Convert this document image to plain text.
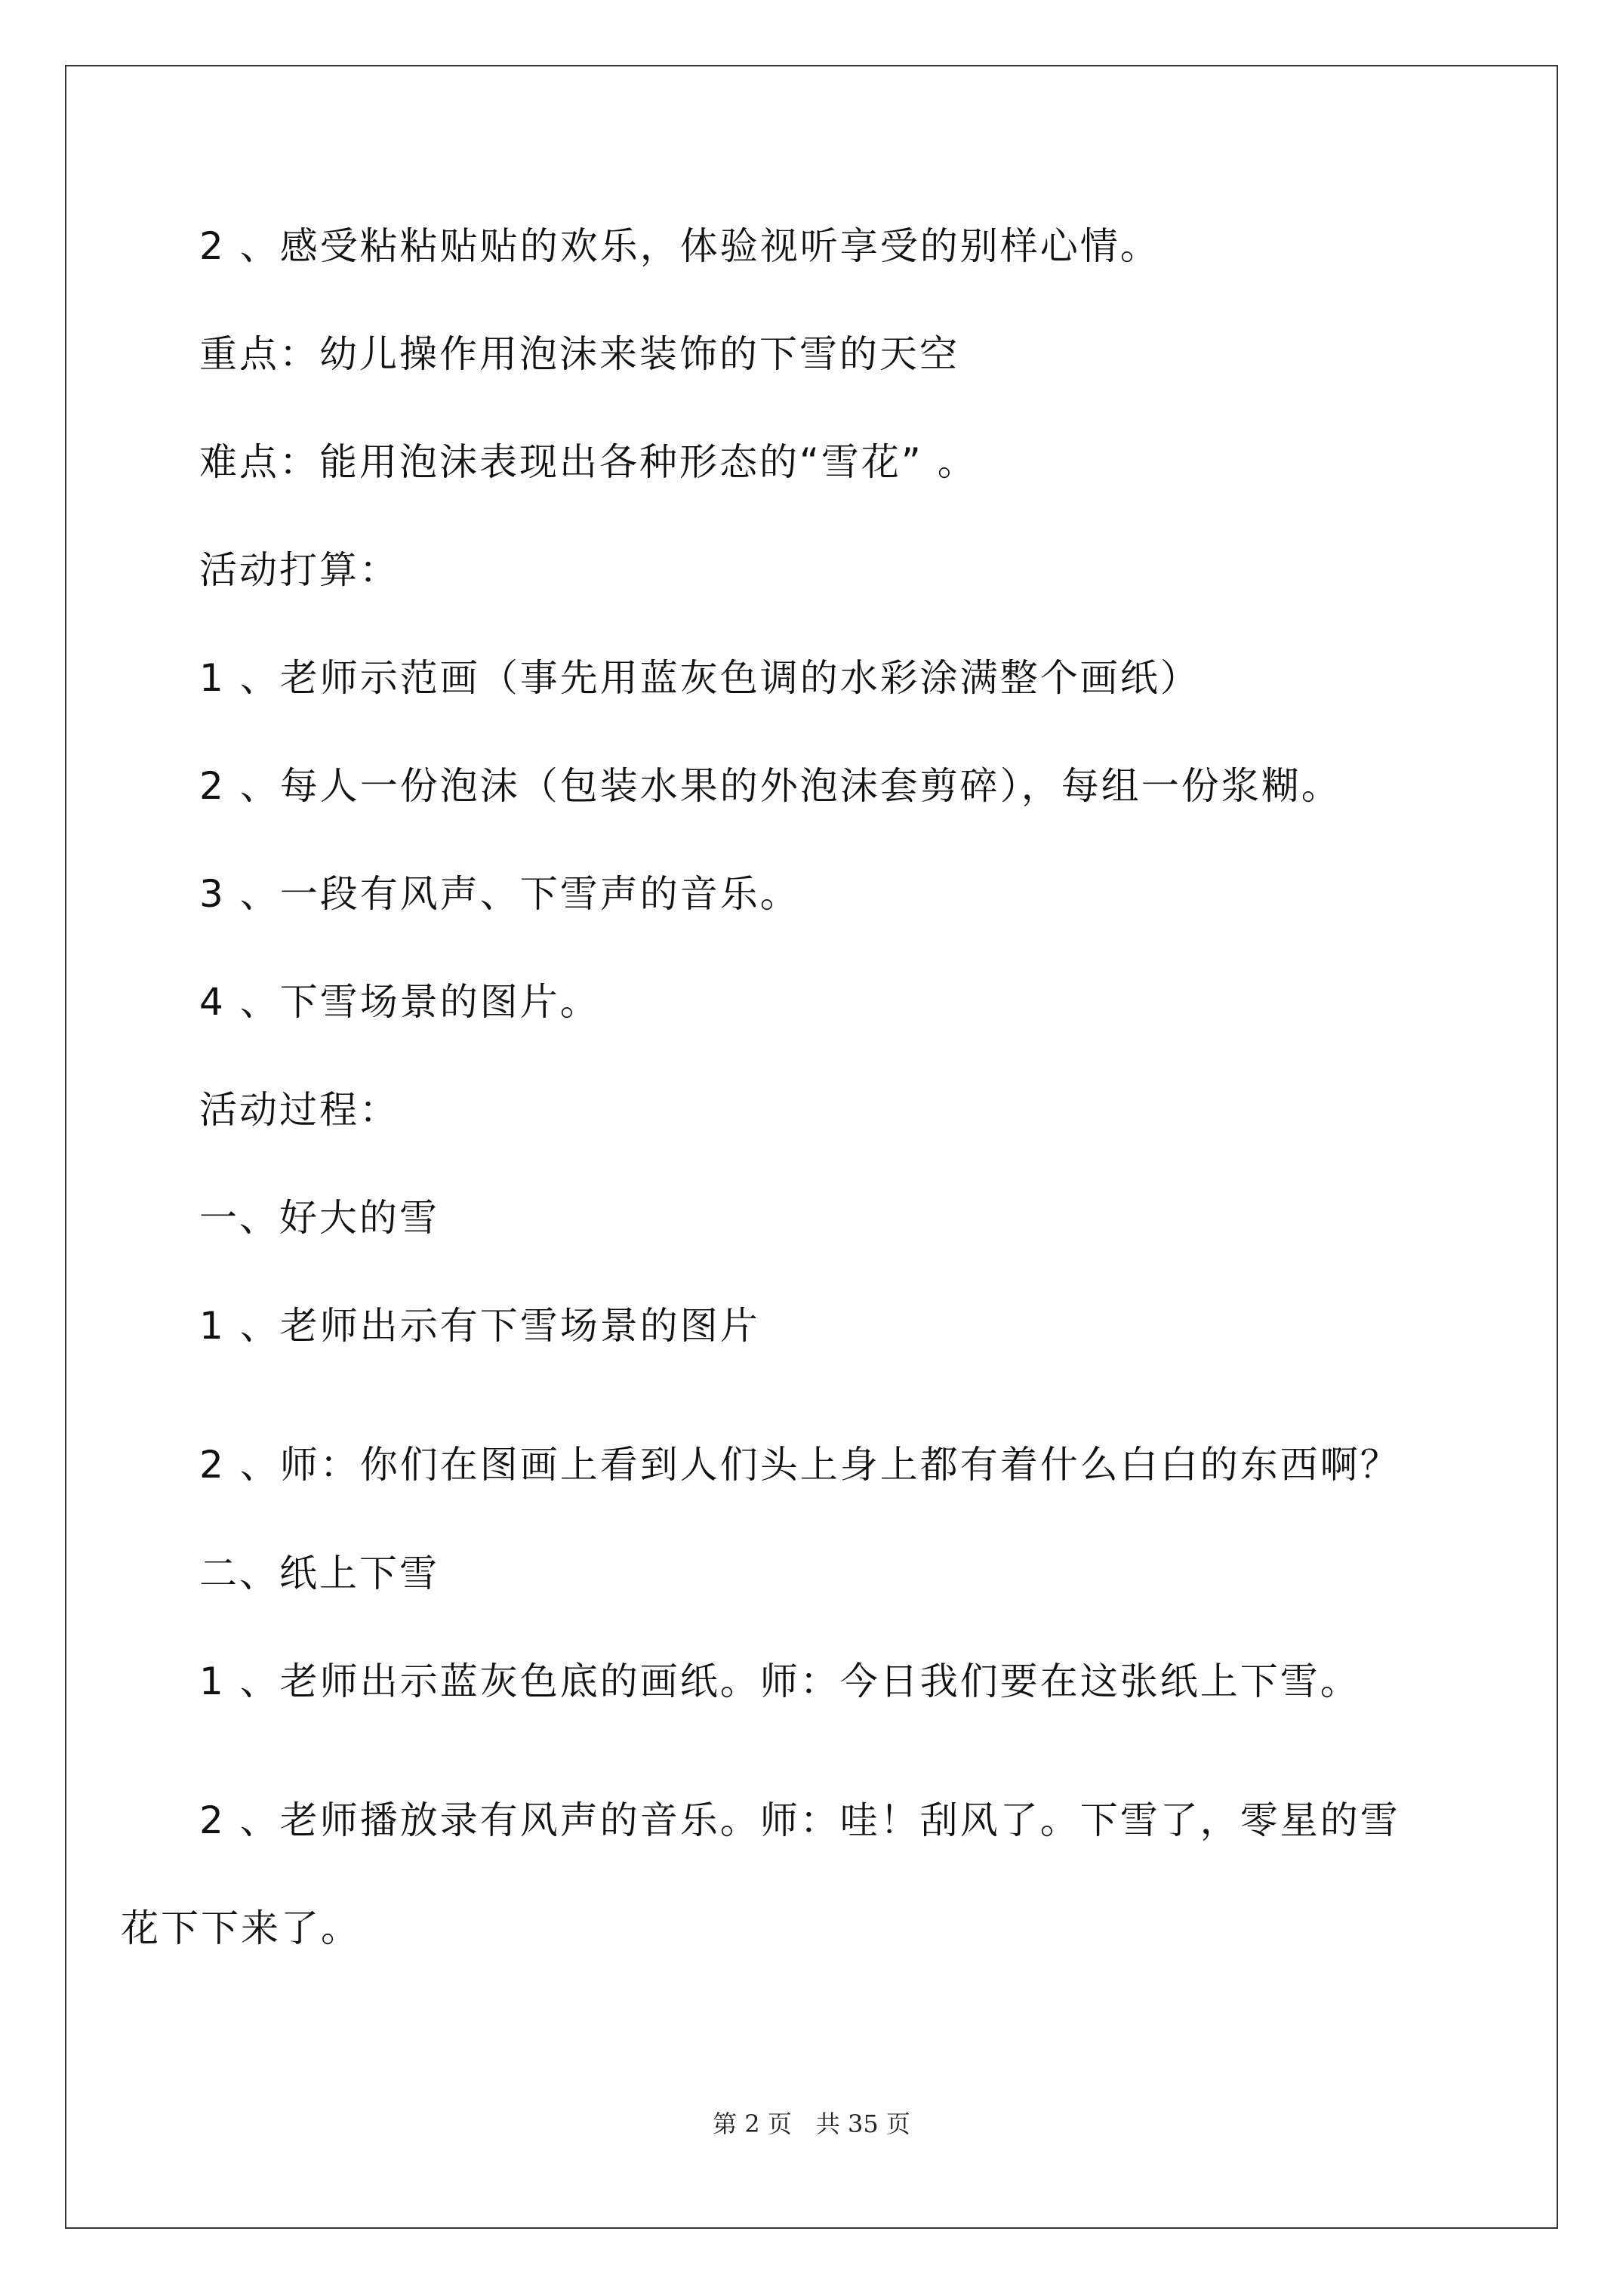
2 、感受粘粘贴贴的欢乐，体验视听享受的别样心情。

重点：幼儿操作用泡沫来装饰的下雪的天空

难点：能用泡沫表现出各种形态的“雪花” 。

活动打算：

1 、老师示范画（事先用蓝灰色调的水彩涂满整个画纸）

2 、每人一份泡沫（包装水果的外泡沫套剪碎），每组一份浆糊。

3 、一段有风声、下雪声的音乐。

4 、下雪场景的图片。

活动过程：

一、好大的雪

1 、老师出示有下雪场景的图片

2 、师：你们在图画上看到人们头上身上都有着什么白白的东西啊？

二、纸上下雪

1 、老师出示蓝灰色底的画纸。师：今日我们要在这张纸上下雪。

2 、老师播放录有风声的音乐。师：哇！刮风了。下雪了，零星的雪花下下来了。

第 2 页　共 35 页
